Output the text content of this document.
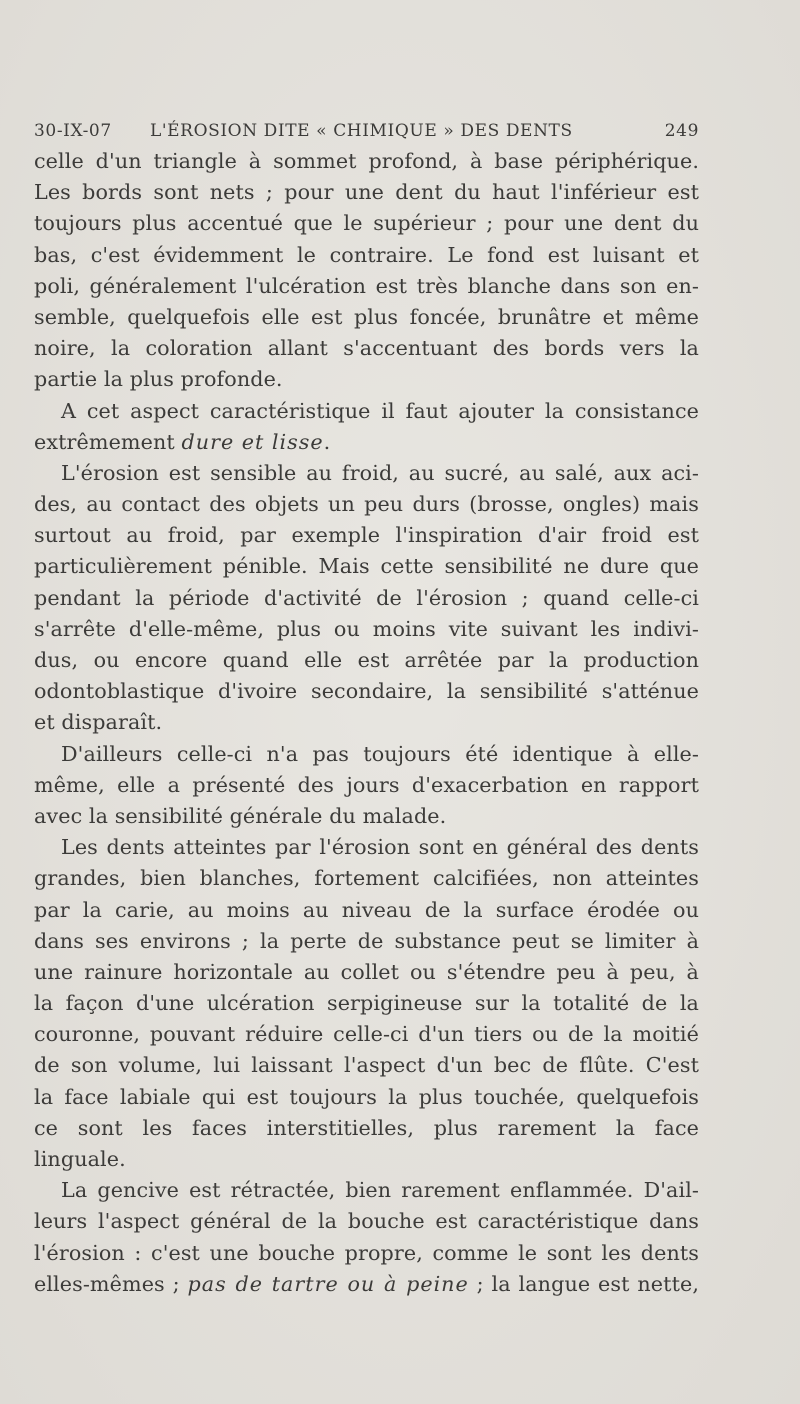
30-IX-07 L'ÉROSION DITE « CHIMIQUE » DES DENTS	249
celle d'un triangle à sommet profond, à base périphérique.
Les bords sont nets ; pour une dent du haut l'inférieur est
toujours plus accentué que le supérieur ; pour une dent du
bas, c'est évidemment le contraire. Le fond est luisant et
poli, généralement l'ulcération est très blanche dans son en-
semble, quelquefois elle est plus foncée, brunâtre et même
noire, la coloration allant s'accentuant des bords vers la
partie la plus profonde.
A cet aspect caractéristique il faut ajouter la consistance
extrêmement dure et lisse.
L'érosion est sensible au froid, au sucré, au salé, aux aci-
des, au contact des objets un peu durs (brosse, ongles) mais
surtout au froid, par exemple l'inspiration d'air froid est
particulièrement pénible. Mais cette sensibilité ne dure que
pendant la période d'activité de l'érosion ; quand celle-ci
s'arrête d'elle-même, plus ou moins vite suivant les indivi-
dus, ou encore quand elle est arrêtée par la production
odontoblastique d'ivoire secondaire, la sensibilité s'atténue
et disparaît.
D'ailleurs celle-ci n'a pas toujours été identique à elle-
même, elle a présenté des jours d'exacerbation en rapport
avec la sensibilité générale du malade.
Les dents atteintes par l'érosion sont en général des dents
grandes, bien blanches, fortement calcifiées, non atteintes
par la carie, au moins au niveau de la surface érodée ou
dans ses environs ; la perte de substance peut se limiter à
une rainure horizontale au collet ou s'étendre peu à peu, à
la façon d'une ulcération serpigineuse sur la totalité de la
couronne, pouvant réduire celle-ci d'un tiers ou de la moitié
de son volume, lui laissant l'aspect d'un bec de flûte. C'est
la face labiale qui est toujours la plus touchée, quelquefois
ce sont les faces interstitielles, plus rarement la face
linguale.
La gencive est rétractée, bien rarement enflammée. D'ail-
leurs l'aspect général de la bouche est caractéristique dans
l'érosion : c'est une bouche propre, comme le sont les dents
elles-mêmes ; pas de tartre ou à peine ; la langue est nette,
